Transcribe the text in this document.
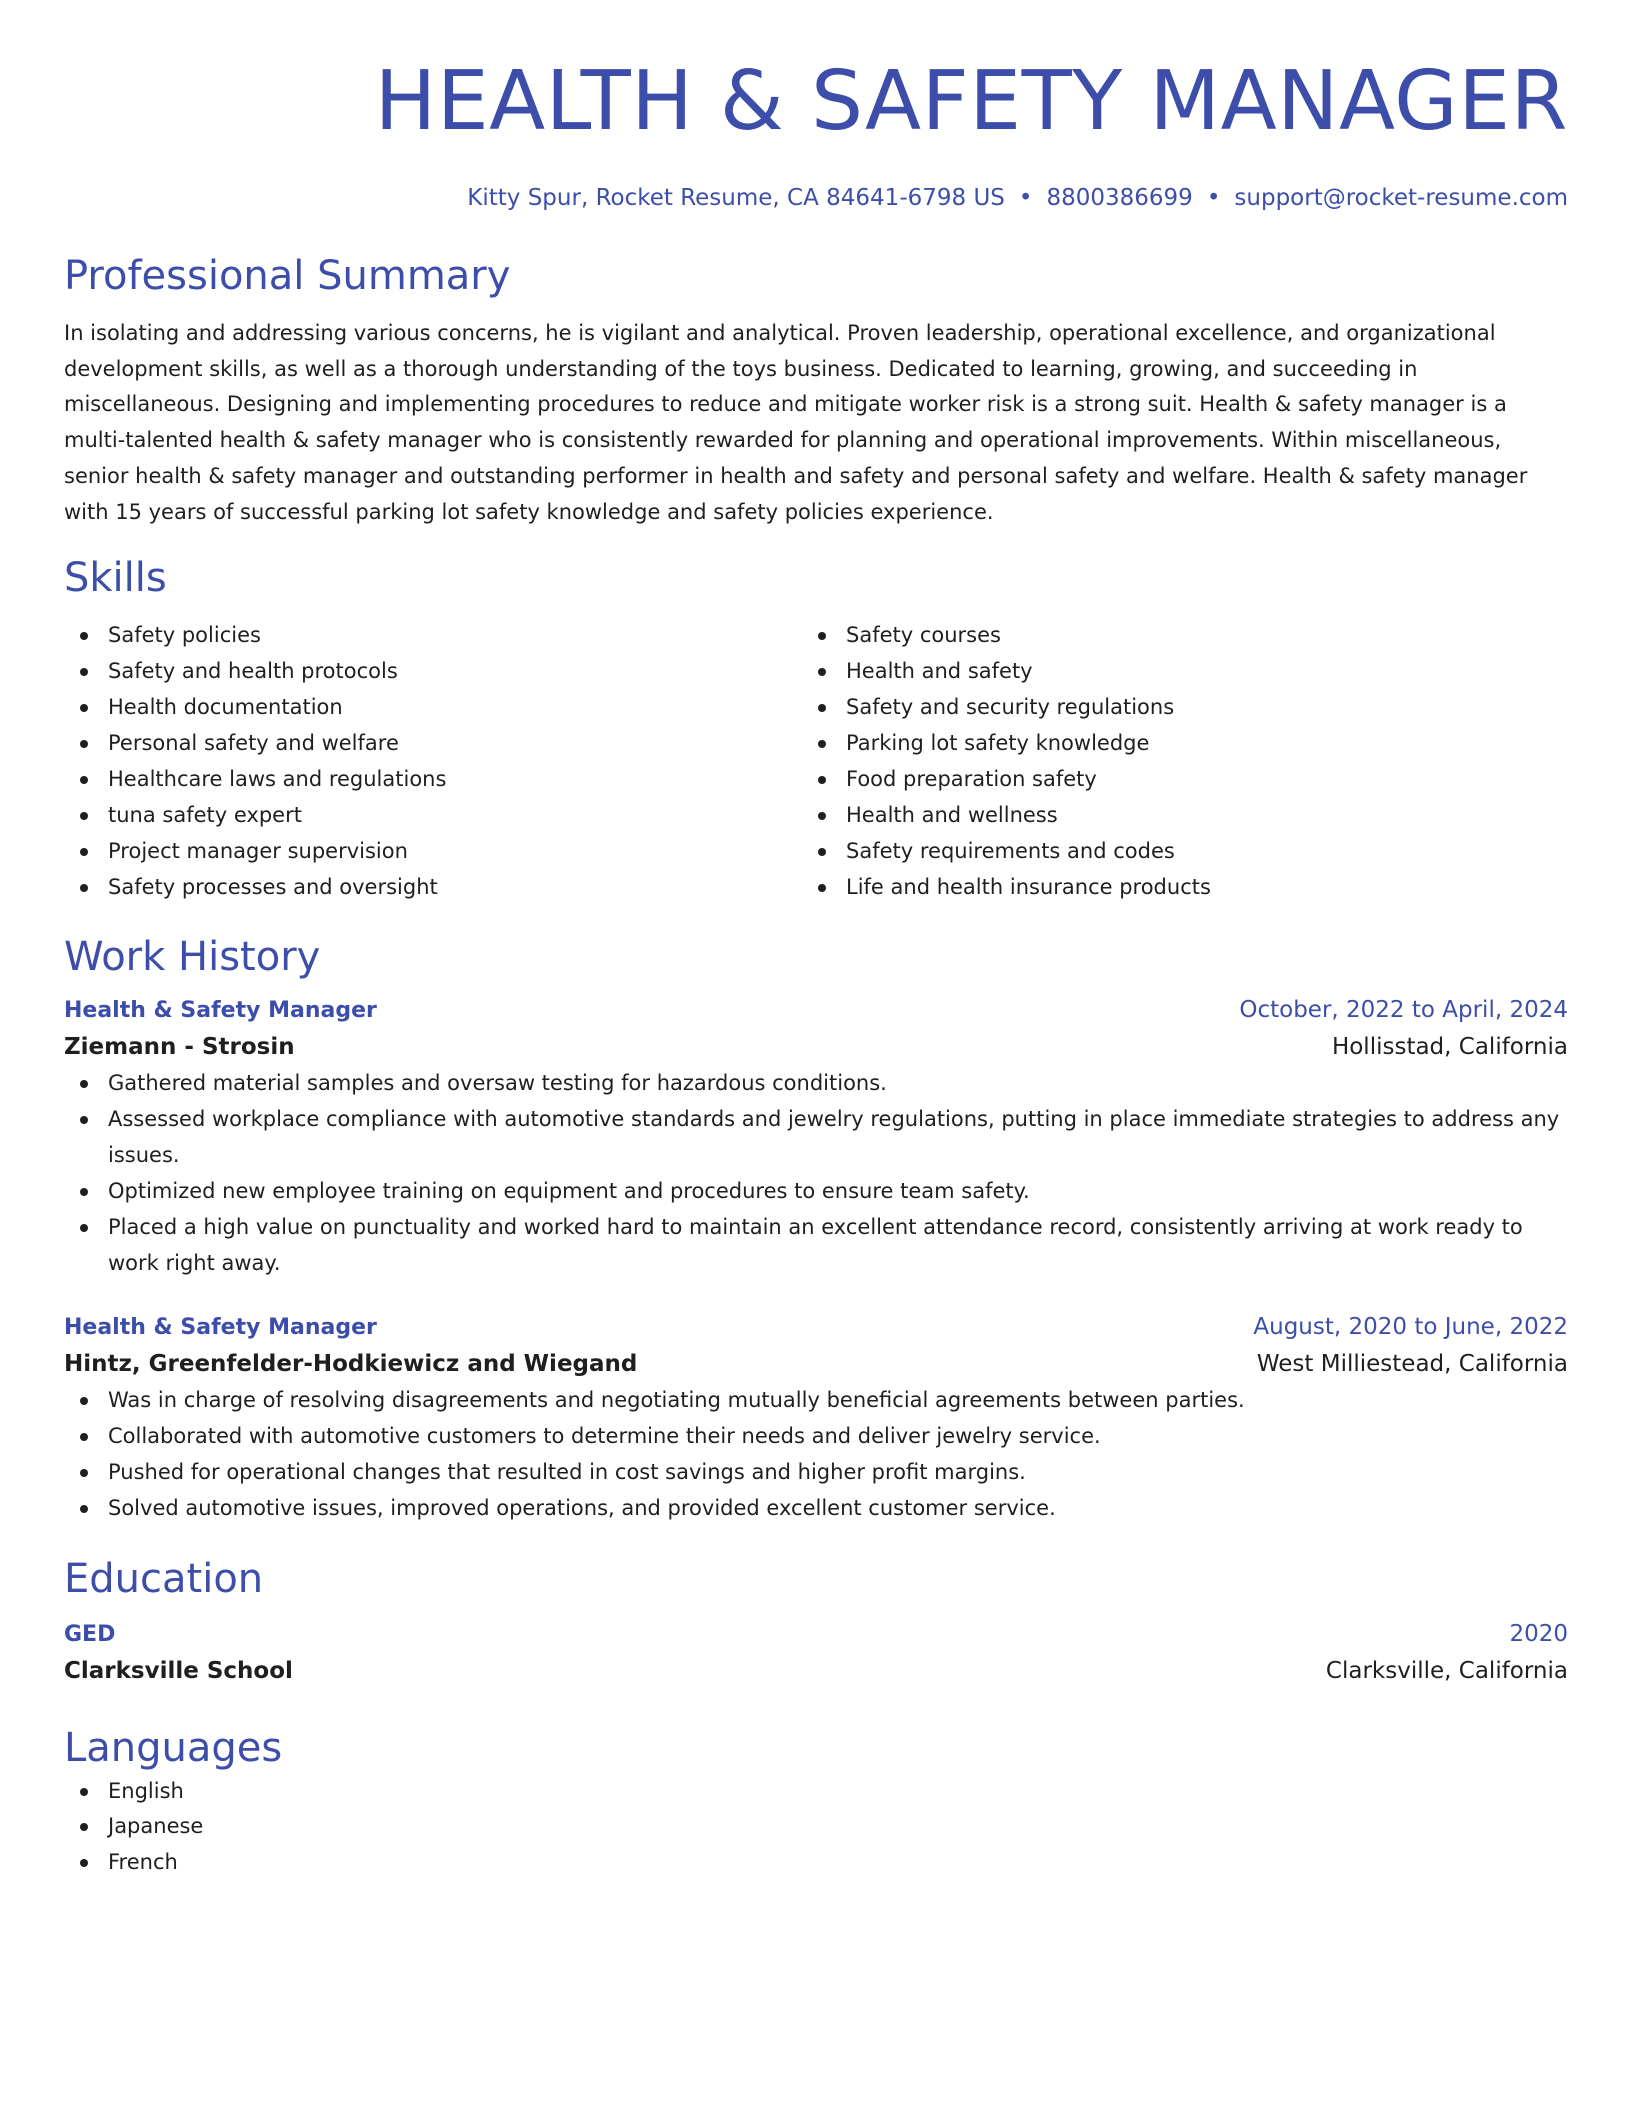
HEALTH & SAFETY MANAGER
Kitty Spur, Rocket Resume, CA 84641-6798 US • 8800386699 • support@rocket-resume.com
Professional Summary

In isolating and addressing various concerns, he is vigilant and analytical. Proven leadership, operational excellence, and organizational development skills, as well as a thorough understanding of the toys business. Dedicated to learning, growing, and succeeding in miscellaneous. Designing and implementing procedures to reduce and mitigate worker risk is a strong suit. Health & safety manager is a multi-talented health & safety manager who is consistently rewarded for planning and operational improvements. Within miscellaneous, senior health & safety manager and outstanding performer in health and safety and personal safety and welfare. Health & safety manager with 15 years of successful parking lot safety knowledge and safety policies experience.

Skills
Safety policies
Safety and health protocols
Health documentation
Personal safety and welfare
Healthcare laws and regulations
tuna safety expert
Project manager supervision
Safety processes and oversight
Safety courses
Health and safety
Safety and security regulations
Parking lot safety knowledge
Food preparation safety
Health and wellness
Safety requirements and codes
Life and health insurance products
Work History
Health & Safety Manager	October, 2022 to April, 2024
Ziemann - Strosin	Hollisstad, California
Gathered material samples and oversaw testing for hazardous conditions.
Assessed workplace compliance with automotive standards and jewelry regulations, putting in place immediate strategies to address any issues.
Optimized new employee training on equipment and procedures to ensure team safety.
Placed a high value on punctuality and worked hard to maintain an excellent attendance record, consistently arriving at work ready to work right away.
Health & Safety Manager	August, 2020 to June, 2022
Hintz, Greenfelder-Hodkiewicz and Wiegand	West Milliestead, California
Was in charge of resolving disagreements and negotiating mutually beneficial agreements between parties.
Collaborated with automotive customers to determine their needs and deliver jewelry service.
Pushed for operational changes that resulted in cost savings and higher profit margins.
Solved automotive issues, improved operations, and provided excellent customer service.
Education
GED	2020
Clarksville School	Clarksville, California
Languages
English
Japanese
French
